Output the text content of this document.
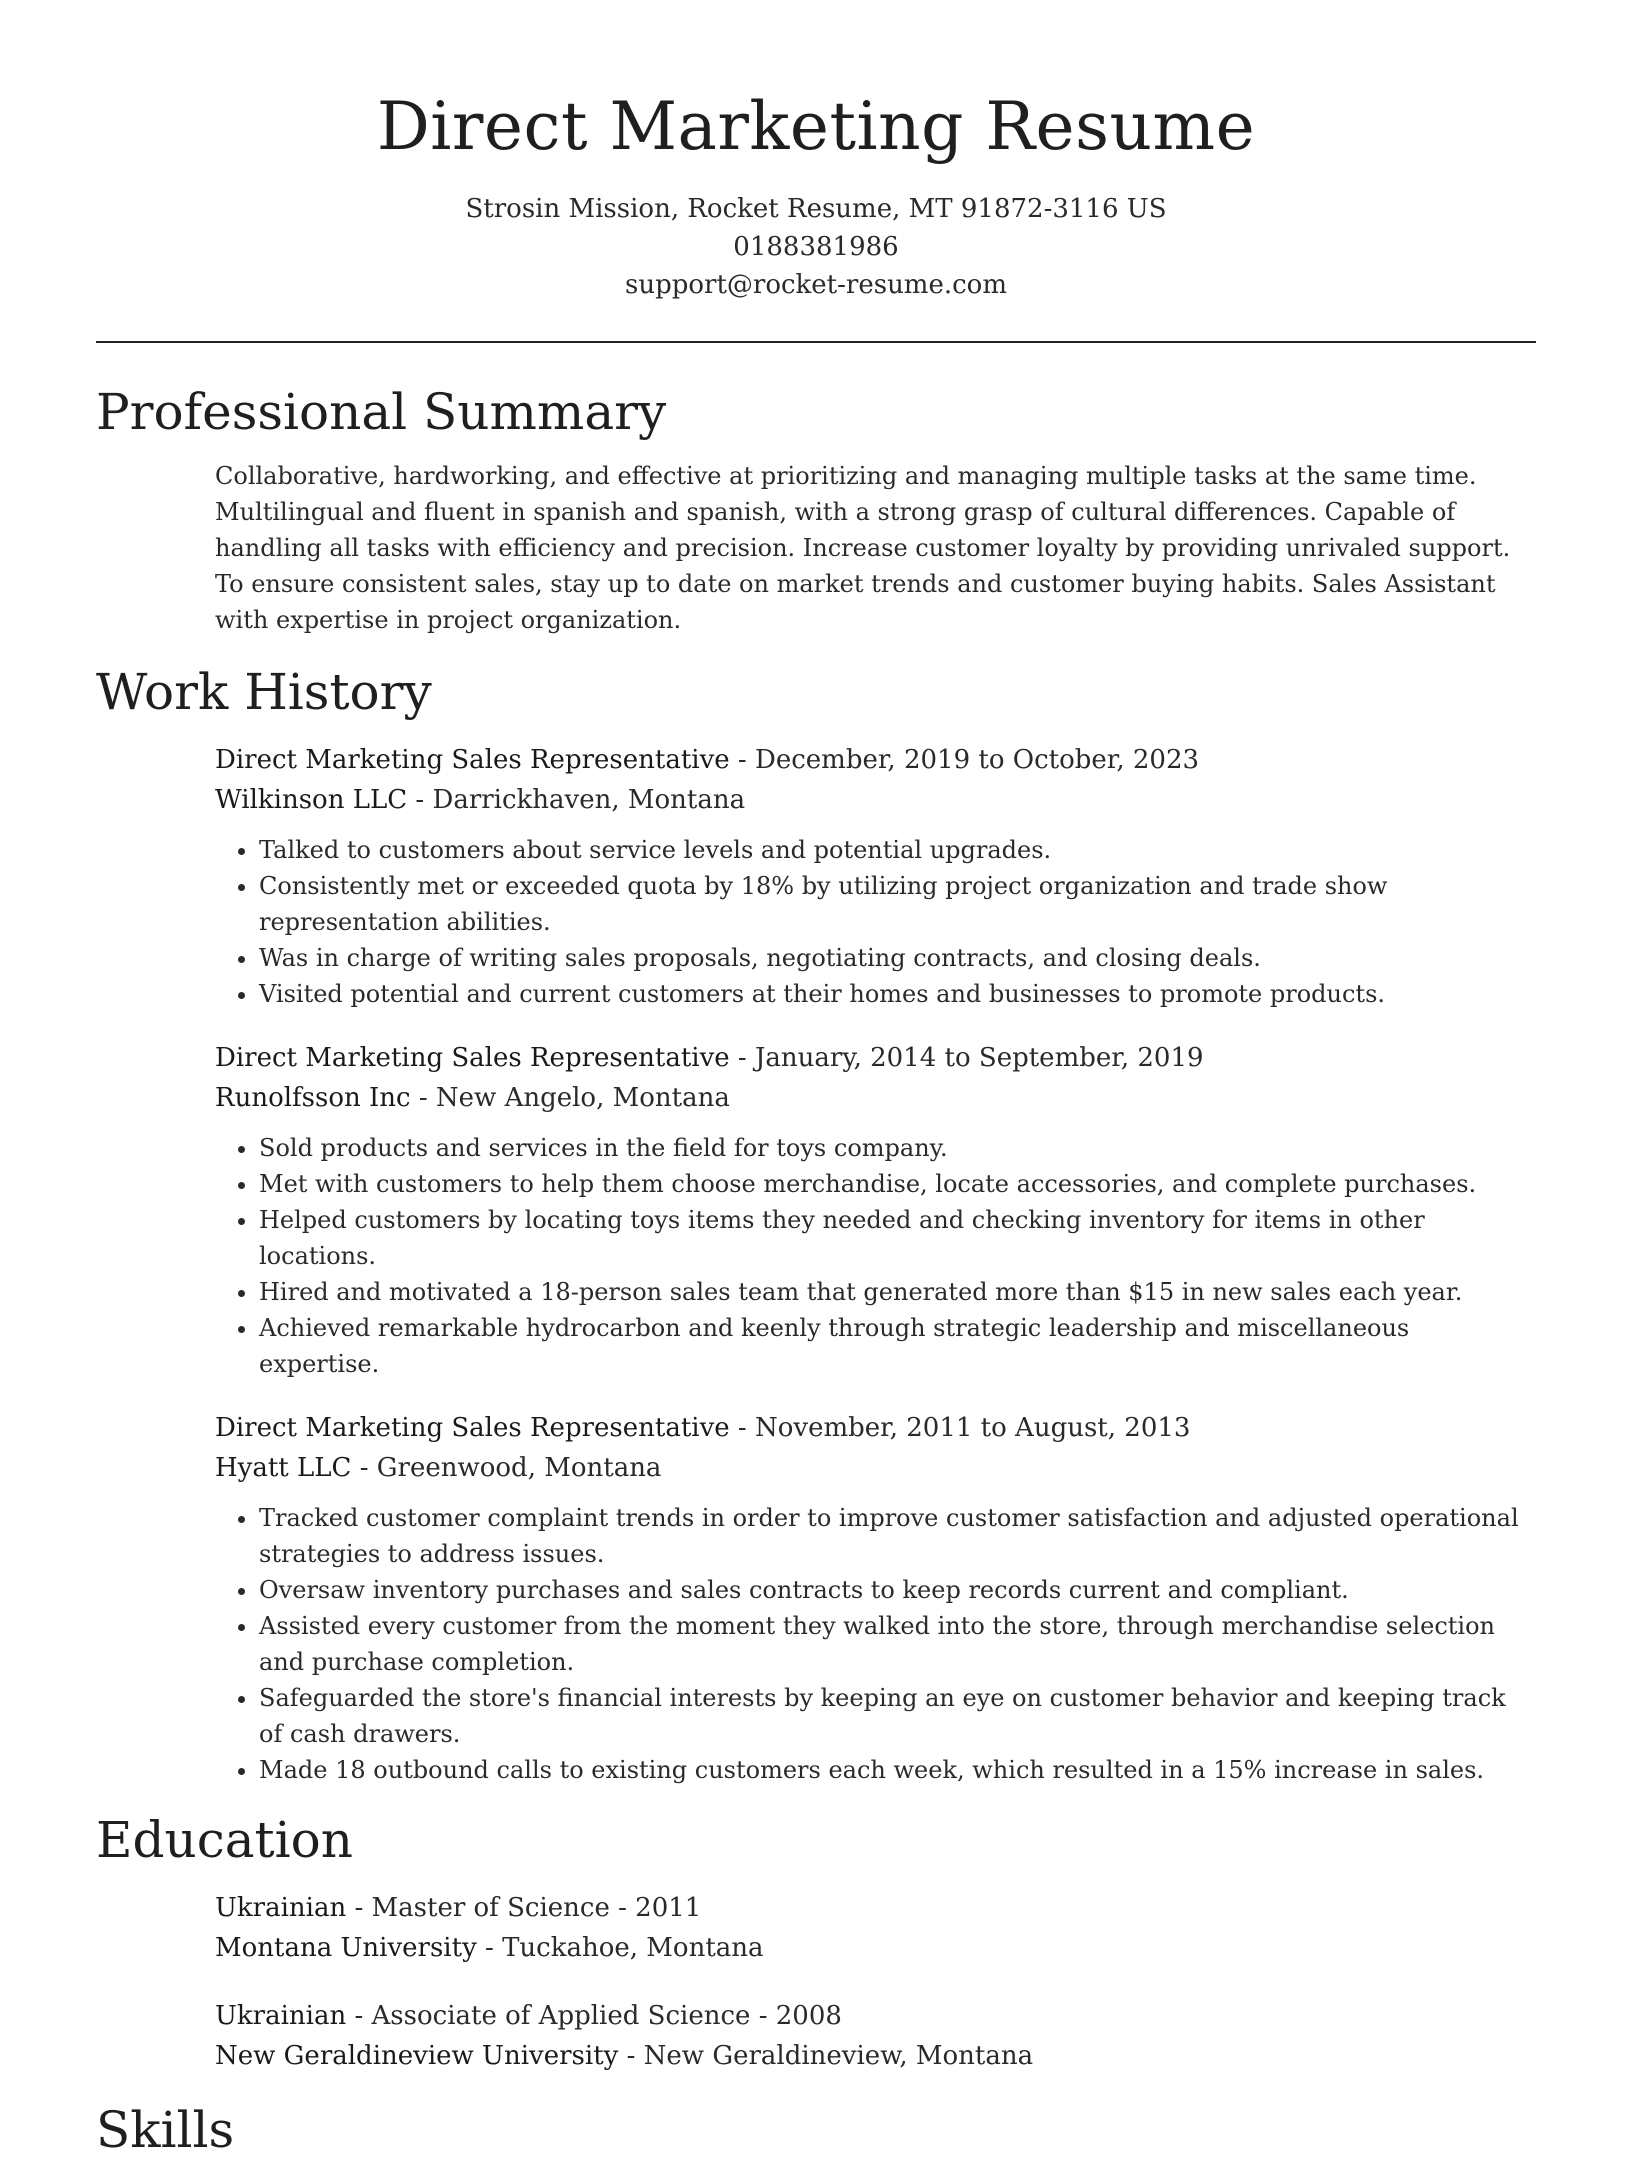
Direct Marketing Resume
Strosin Mission, Rocket Resume, MT 91872-3116 US
0188381986
support@rocket-resume.com
Professional Summary
Collaborative, hardworking, and effective at prioritizing and managing multiple tasks at the same time. Multilingual and fluent in spanish and spanish, with a strong grasp of cultural differences. Capable of handling all tasks with efficiency and precision. Increase customer loyalty by providing unrivaled support. To ensure consistent sales, stay up to date on market trends and customer buying habits. Sales Assistant with expertise in project organization.
Work History
Direct Marketing Sales Representative - December, 2019 to October, 2023
Wilkinson LLC - Darrickhaven, Montana
• Talked to customers about service levels and potential upgrades.
• Consistently met or exceeded quota by 18% by utilizing project organization and trade show representation abilities.
• Was in charge of writing sales proposals, negotiating contracts, and closing deals.
• Visited potential and current customers at their homes and businesses to promote products.
Direct Marketing Sales Representative - January, 2014 to September, 2019
Runolfsson Inc - New Angelo, Montana
• Sold products and services in the field for toys company.
• Met with customers to help them choose merchandise, locate accessories, and complete purchases.
• Helped customers by locating toys items they needed and checking inventory for items in other locations.
• Hired and motivated a 18-person sales team that generated more than $15 in new sales each year.
• Achieved remarkable hydrocarbon and keenly through strategic leadership and miscellaneous expertise.
Direct Marketing Sales Representative - November, 2011 to August, 2013
Hyatt LLC - Greenwood, Montana
• Tracked customer complaint trends in order to improve customer satisfaction and adjusted operational strategies to address issues.
• Oversaw inventory purchases and sales contracts to keep records current and compliant.
• Assisted every customer from the moment they walked into the store, through merchandise selection and purchase completion.
• Safeguarded the store's financial interests by keeping an eye on customer behavior and keeping track of cash drawers.
• Made 18 outbound calls to existing customers each week, which resulted in a 15% increase in sales.
Education
Ukrainian - Master of Science - 2011
Montana University - Tuckahoe, Montana
Ukrainian - Associate of Applied Science - 2008
New Geraldineview University - New Geraldineview, Montana
Skills
